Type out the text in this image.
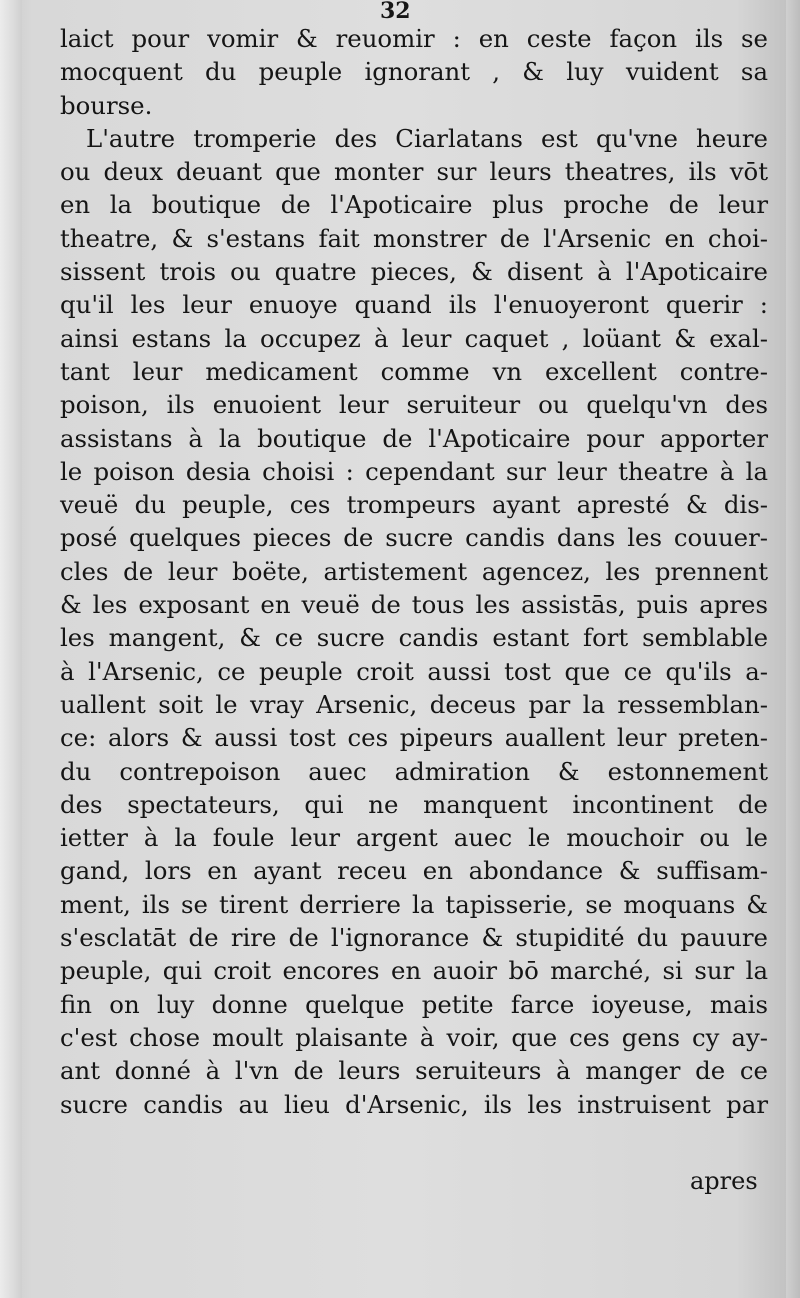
32
laict pour vomir & reuomir : en ceste façon ils se
mocquent du peuple ignorant , & luy vuident sa
bourse.
L'autre tromperie des Ciarlatans est qu'vne heure
ou deux deuant que monter sur leurs theatres, ils vōt
en la boutique de l'Apoticaire plus proche de leur
theatre, & s'estans fait monstrer de l'Arsenic en choi-
sissent trois ou quatre pieces, & disent à l'Apoticaire
qu'il les leur enuoye quand ils l'enuoyeront querir :
ainsi estans la occupez à leur caquet , loüant & exal-
tant leur medicament comme vn excellent contre-
poison, ils enuoient leur seruiteur ou quelqu'vn des
assistans à la boutique de l'Apoticaire pour apporter
le poison desia choisi : cependant sur leur theatre à la
veuë du peuple, ces trompeurs ayant apresté & dis-
posé quelques pieces de sucre candis dans les couuer-
cles de leur boëte, artistement agencez, les prennent
& les exposant en veuë de tous les assistās, puis apres
les mangent, & ce sucre candis estant fort semblable
à l'Arsenic, ce peuple croit aussi tost que ce qu'ils a-
uallent soit le vray Arsenic, deceus par la ressemblan-
ce: alors & aussi tost ces pipeurs auallent leur preten-
du contrepoison auec admiration & estonnement
des spectateurs, qui ne manquent incontinent de
ietter à la foule leur argent auec le mouchoir ou le
gand, lors en ayant receu en abondance & suffisam-
ment, ils se tirent derriere la tapisserie, se moquans &
s'esclatāt de rire de l'ignorance & stupidité du pauure
peuple, qui croit encores en auoir bō marché, si sur la
fin on luy donne quelque petite farce ioyeuse, mais
c'est chose moult plaisante à voir, que ces gens cy ay-
ant donné à l'vn de leurs seruiteurs à manger de ce
sucre candis au lieu d'Arsenic, ils les instruisent par
apres
